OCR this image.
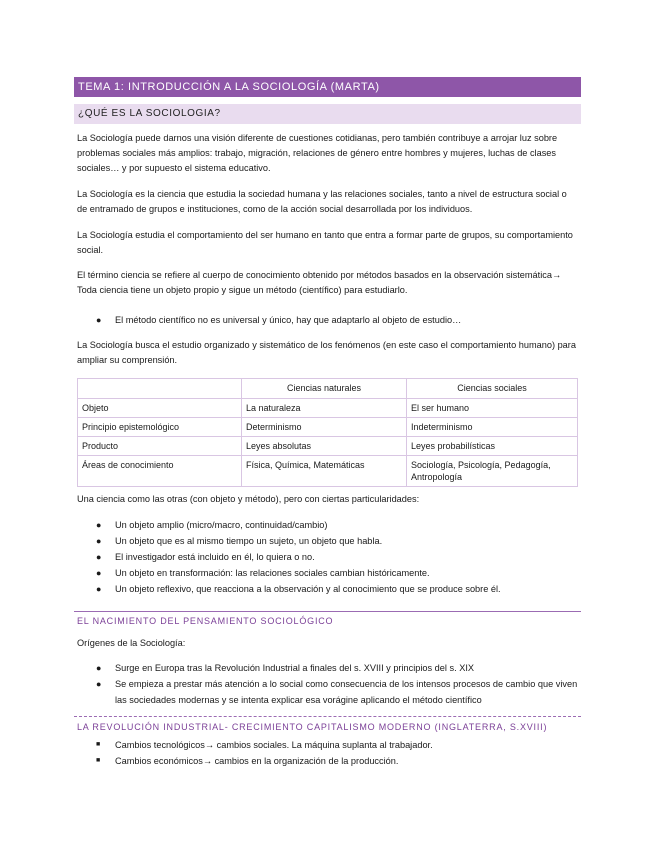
TEMA 1: INTRODUCCIÓN A LA SOCIOLOGÍA (MARTA)
¿QUÉ ES LA SOCIOLOGIA?

La Sociología puede darnos una visión diferente de cuestiones cotidianas, pero también contribuye a arrojar luz sobre problemas sociales más amplios: trabajo, migración, relaciones de género entre hombres y mujeres, luchas de clases sociales… y por supuesto el sistema educativo.

La Sociología es la ciencia que estudia la sociedad humana y las relaciones sociales, tanto a nivel de estructura social o de entramado de grupos e instituciones, como de la acción social desarrollada por los individuos.

La Sociología estudia el comportamiento del ser humano en tanto que entra a formar parte de grupos, su comportamiento social.

El término ciencia se refiere al cuerpo de conocimiento obtenido por métodos basados en la observación sistemática→ Toda ciencia tiene un objeto propio y sigue un método (científico) para estudiarlo.

● El método científico no es universal y único, hay que adaptarlo al objeto de estudio…

La Sociología busca el estudio organizado y sistemático de los fenómenos (en este caso el comportamiento humano) para ampliar su comprensión.

	Ciencias naturales	Ciencias sociales
Objeto	La naturaleza	El ser humano
Principio epistemológico	Determinismo	Indeterminismo
Producto	Leyes absolutas	Leyes probabilísticas
Áreas de conocimiento	Física, Química, Matemáticas	Sociología, Psicología, Pedagogía, Antropología

Una ciencia como las otras (con objeto y método), pero con ciertas particularidades:

● Un objeto amplio (micro/macro, continuidad/cambio)
● Un objeto que es al mismo tiempo un sujeto, un objeto que habla.
● El investigador está incluido en él, lo quiera o no.
● Un objeto en transformación: las relaciones sociales cambian históricamente.
● Un objeto reflexivo, que reacciona a la observación y al conocimiento que se produce sobre él.
EL NACIMIENTO DEL PENSAMIENTO SOCIOLÓGICO

Orígenes de la Sociología:

● Surge en Europa tras la Revolución Industrial a finales del s. XVIII y principios del s. XIX
● Se empieza a prestar más atención a lo social como consecuencia de los intensos procesos de cambio que viven las sociedades modernas y se intenta explicar esa vorágine aplicando el método científico
LA REVOLUCIÓN INDUSTRIAL- CRECIMIENTO CAPITALISMO MODERNO (INGLATERRA, S.XVIII)
■ Cambios tecnológicos→ cambios sociales. La máquina suplanta al trabajador.
■ Cambios económicos→ cambios en la organización de la producción.
